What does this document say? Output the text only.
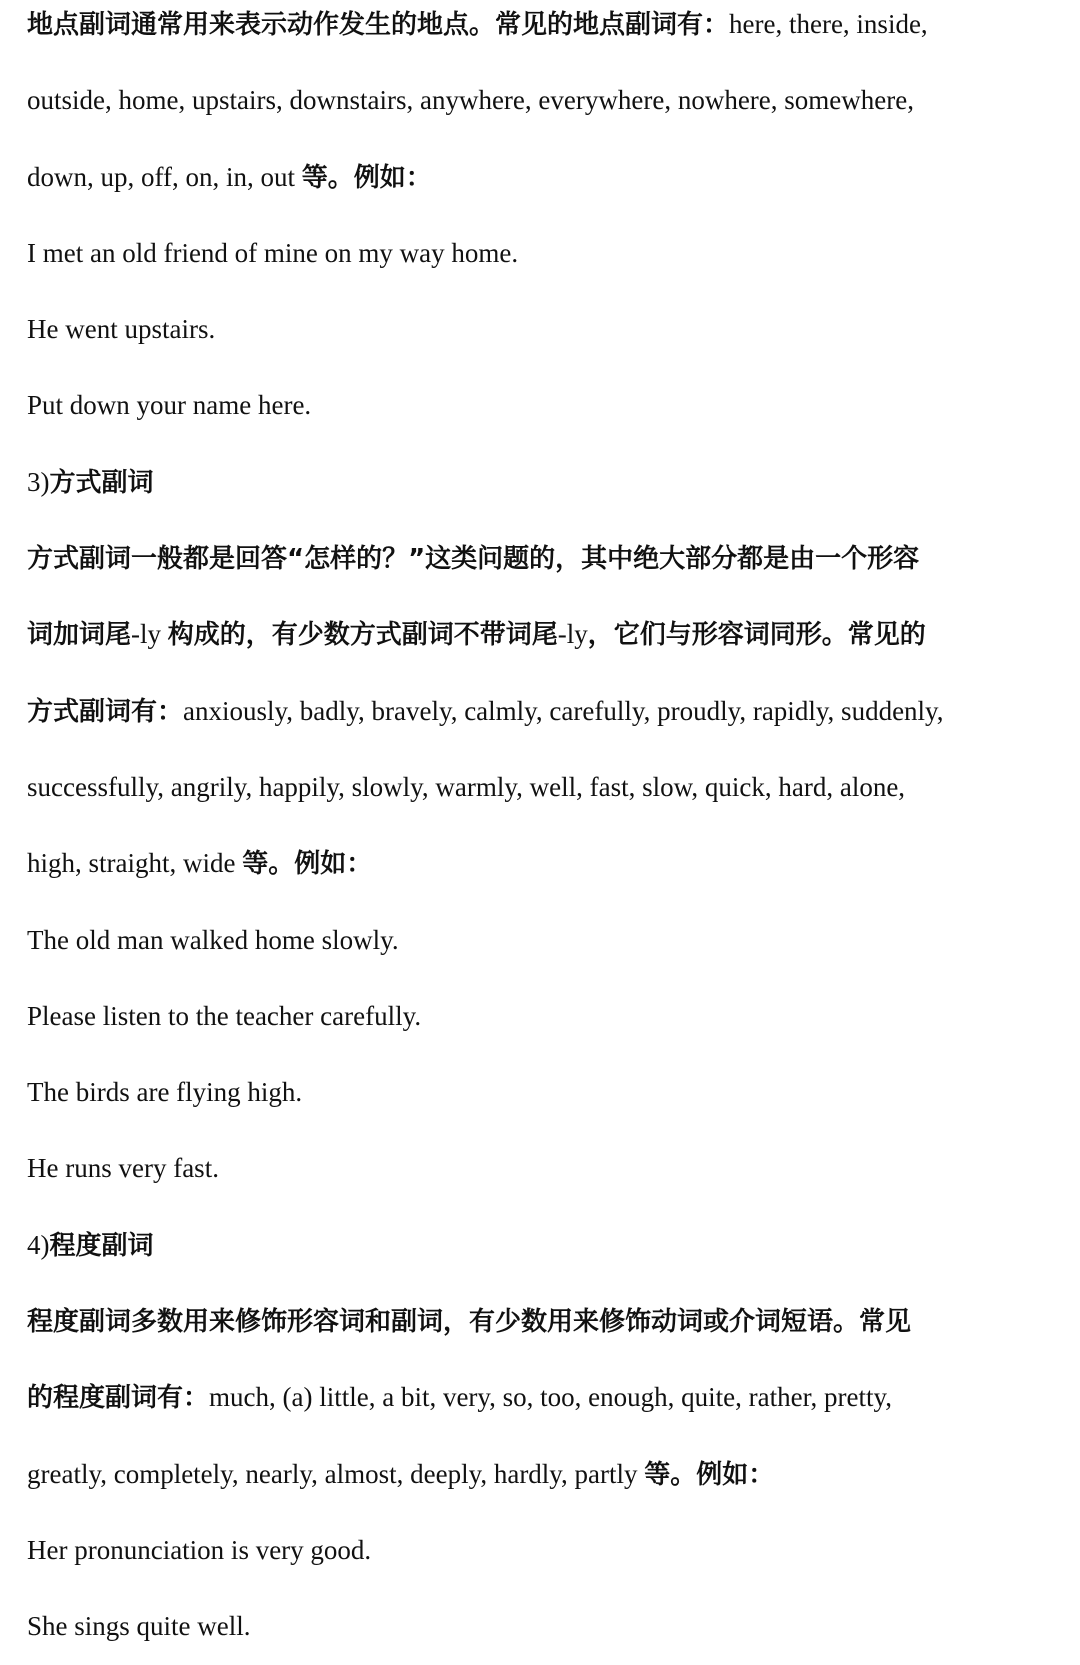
地点副词通常用来表示动作发生的地点。常见的地点副词有：here, there, inside,
outside, home, upstairs, downstairs, anywhere, everywhere, nowhere, somewhere,
down, up, off, on, in, out 等。例如：
I met an old friend of mine on my way home.
He went upstairs.
Put down your name here.
3)方式副词
方式副词一般都是回答“怎样的？”这类问题的，其中绝大部分都是由一个形容
词加词尾-ly 构成的，有少数方式副词不带词尾-ly，它们与形容词同形。常见的
方式副词有：anxiously, badly, bravely, calmly, carefully, proudly, rapidly, suddenly,
successfully, angrily, happily, slowly, warmly, well, fast, slow, quick, hard, alone,
high, straight, wide 等。例如：
The old man walked home slowly.
Please listen to the teacher carefully.
The birds are flying high.
He runs very fast.
4)程度副词
程度副词多数用来修饰形容词和副词，有少数用来修饰动词或介词短语。常见
的程度副词有：much, (a) little, a bit, very, so, too, enough, quite, rather, pretty,
greatly, completely, nearly, almost, deeply, hardly, partly 等。例如：
Her pronunciation is very good.
She sings quite well.
